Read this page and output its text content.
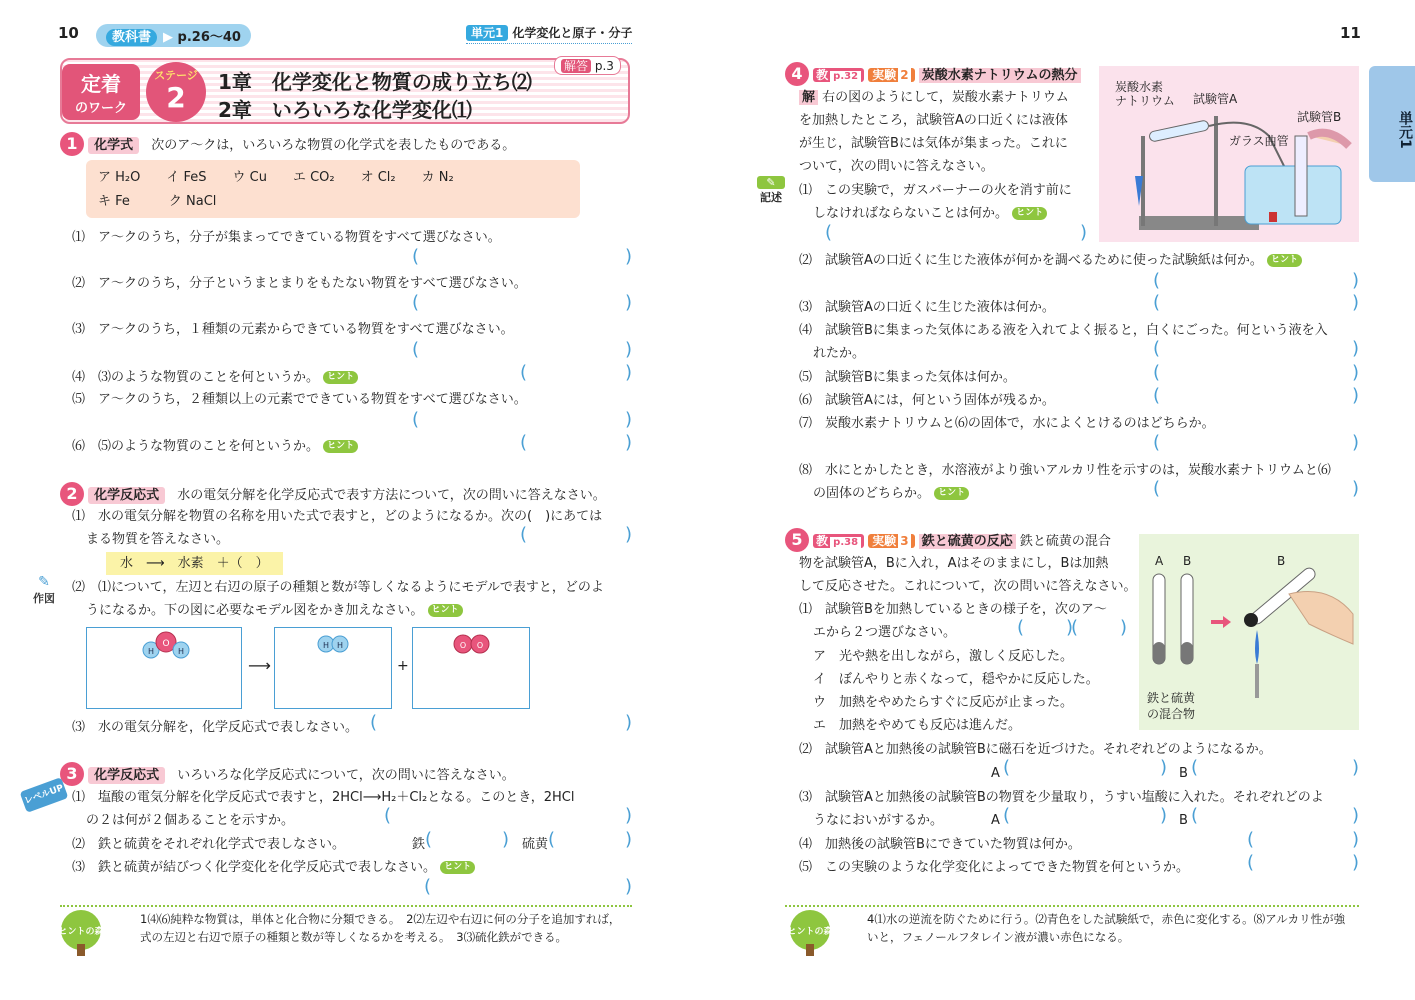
10	教科書 ▶ p.26〜40	単元1 化学変化と原子・分子
定着
のワーク
ステージ
2	1章　化学変化と物質の成り立ち⑵
2章　いろいろな化学変化⑴
解答 p.3
1 化学式 次のア〜クは，いろいろな物質の化学式を表したものである。
ア H₂O　　イ FeS　　ウ Cu　　エ CO₂　　オ Cl₂　　カ N₂
キ Fe　　　ク NaCl
⑴　ア〜クのうち，分子が集まってできている物質をすべて選びなさい。
(	)
⑵　ア〜クのうち，分子というまとまりをもたない物質をすべて選びなさい。
(	)
⑶　ア〜クのうち，１種類の元素からできている物質をすべて選びなさい。
(	)
⑷　⑶のような物質のことを何というか。 ヒント	(	)
⑸　ア〜クのうち，２種類以上の元素でできている物質をすべて選びなさい。
(	)
⑹　⑸のような物質のことを何というか。 ヒント	(	)
2 化学反応式 水の電気分解を化学反応式で表す方法について，次の問いに答えなさい。
⑴　水の電気分解を物質の名称を用いた式で表すと，どのようになるか。次の(　)にあては
まる物質を答えなさい。	(	)
水　⟶　水素　＋（　）
✎
作図
⑵　⑴について，左辺と右辺の原子の種類と数が等しくなるようにモデルで表すと，どのよ
うになるか。下の図に必要なモデル図をかき加えなさい。 ヒント
H
O
H
⟶
H H
+
O O
⑶　水の電気分解を，化学反応式で表しなさい。 (	)
3 化学反応式 いろいろな化学反応式について，次の問いに答えなさい。
レベルUP ⑴　塩酸の電気分解を化学反応式で表すと，2HCl⟶H₂＋Cl₂となる。このとき，2HCl
の２は何が２個あることを示すか。	(	)
⑵　鉄と硫黄をそれぞれ化学式で表しなさい。	鉄 (	) 硫黄 (	)
⑶　鉄と硫黄が結びつく化学変化を化学反応式で表しなさい。 ヒント
(	)
ヒントの森
1⑷⑹純粋な物質は，単体と化合物に分類できる。　2⑵左辺や右辺に何の分子を追加すれば，
式の左辺と右辺で原子の種類と数が等しくなるかを考える。　3⑶硫化鉄ができる。
11
単元1
4 教 p.32 実験 2 炭酸水素ナトリウムの熱分
解 右の図のようにして，炭酸水素ナトリウム
を加熱したところ，試験管Aの口近くには液体
が生じ，試験管Bには気体が集まった。これに
ついて，次の問いに答えなさい。
炭酸水素
ナトリウム 試験管A
試験管B
ガラス曲管
✎
記述 ⑴　この実験で，ガスバーナーの火を消す前に
しなければならないことは何か。 ヒント
(	)
⑵　試験管Aの口近くに生じた液体が何かを調べるために使った試験紙は何か。 ヒント
(	)
⑶　試験管Aの口近くに生じた液体は何か。	(	)
⑷　試験管Bに集まった気体にある液を入れてよく振ると，白くにごった。何という液を入
れたか。	(	)
⑸　試験管Bに集まった気体は何か。	(	)
⑹　試験管Aには，何という固体が残るか。	(	)
⑺　炭酸水素ナトリウムと⑹の固体で，水によくとけるのはどちらか。
(	)
⑻　水にとかしたとき，水溶液がより強いアルカリ性を示すのは，炭酸水素ナトリウムと⑹
の固体のどちらか。 ヒント	(	)
5 教 p.38 実験 3 鉄と硫黄の反応 鉄と硫黄の混合
物を試験管A，Bに入れ，Aはそのままにし，Bは加熱
して反応させた。これについて，次の問いに答えなさい。
A B	B
鉄と硫黄
の混合物
⑴　試験管Bを加熱しているときの様子を，次のア〜
エから２つ選びなさい。	( )
( )
ア　光や熱を出しながら，激しく反応した。
イ　ぼんやりと赤くなって，穏やかに反応した。
ウ　加熱をやめたらすぐに反応が止まった。
エ　加熱をやめても反応は進んだ。
⑵　試験管Aと加熱後の試験管Bに磁石を近づけた。それぞれどのようになるか。
A (	) B (	)
⑶　試験管Aと加熱後の試験管Bの物質を少量取り，うすい塩酸に入れた。それぞれどのよ
うなにおいがするか。	A (	) B (	)
⑷　加熱後の試験管Bにできていた物質は何か。	(	)
⑸　この実験のような化学変化によってできた物質を何というか。	(	)
ヒントの森
4⑴水の逆流を防ぐために行う。⑵青色をした試験紙で，赤色に変化する。⑻アルカリ性が強
いと，フェノールフタレイン液が濃い赤色になる。
